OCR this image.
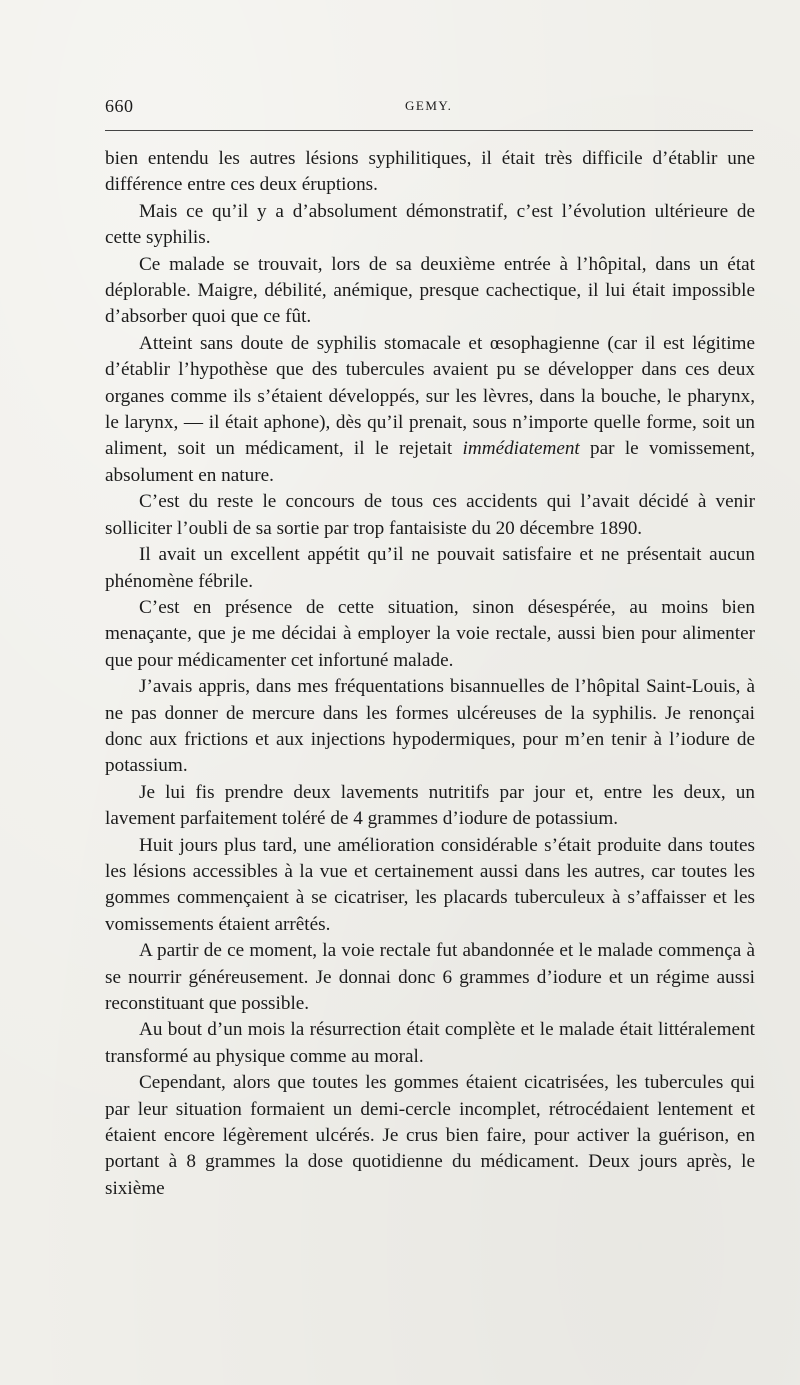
660	GEMY.

bien entendu les autres lésions syphilitiques, il était très difficile d’établir une différence entre ces deux éruptions.

Mais ce qu’il y a d’absolument démonstratif, c’est l’évolution ultérieure de cette syphilis.

Ce malade se trouvait, lors de sa deuxième entrée à l’hôpital, dans un état déplorable. Maigre, débilité, anémique, presque cachectique, il lui était impossible d’absorber quoi que ce fût.

Atteint sans doute de syphilis stomacale et œsophagienne (car il est légitime d’établir l’hypothèse que des tubercules avaient pu se développer dans ces deux organes comme ils s’étaient développés, sur les lèvres, dans la bouche, le pharynx, le larynx, — il était aphone), dès qu’il prenait, sous n’importe quelle forme, soit un aliment, soit un médicament, il le rejetait immédiatement par le vomissement, absolument en nature.

C’est du reste le concours de tous ces accidents qui l’avait décidé à venir solliciter l’oubli de sa sortie par trop fantaisiste du 20 décembre 1890.

Il avait un excellent appétit qu’il ne pouvait satisfaire et ne présentait aucun phénomène fébrile.

C’est en présence de cette situation, sinon désespérée, au moins bien menaçante, que je me décidai à employer la voie rectale, aussi bien pour alimenter que pour médicamenter cet infortuné malade.

J’avais appris, dans mes fréquentations bisannuelles de l’hôpital Saint-Louis, à ne pas donner de mercure dans les formes ulcéreuses de la syphilis. Je renonçai donc aux frictions et aux injections hypodermiques, pour m’en tenir à l’iodure de potassium.

Je lui fis prendre deux lavements nutritifs par jour et, entre les deux, un lavement parfaitement toléré de 4 grammes d’iodure de potassium.

Huit jours plus tard, une amélioration considérable s’était produite dans toutes les lésions accessibles à la vue et certainement aussi dans les autres, car toutes les gommes commençaient à se cicatriser, les placards tuberculeux à s’affaisser et les vomissements étaient arrêtés.

A partir de ce moment, la voie rectale fut abandonnée et le malade commença à se nourrir généreusement. Je donnai donc 6 grammes d’iodure et un régime aussi reconstituant que possible.

Au bout d’un mois la résurrection était complète et le malade était littéralement transformé au physique comme au moral.

Cependant, alors que toutes les gommes étaient cicatrisées, les tubercules qui par leur situation formaient un demi-cercle incomplet, rétrocédaient lentement et étaient encore légèrement ulcérés. Je crus bien faire, pour activer la guérison, en portant à 8 grammes la dose quotidienne du médicament. Deux jours après, le sixième
